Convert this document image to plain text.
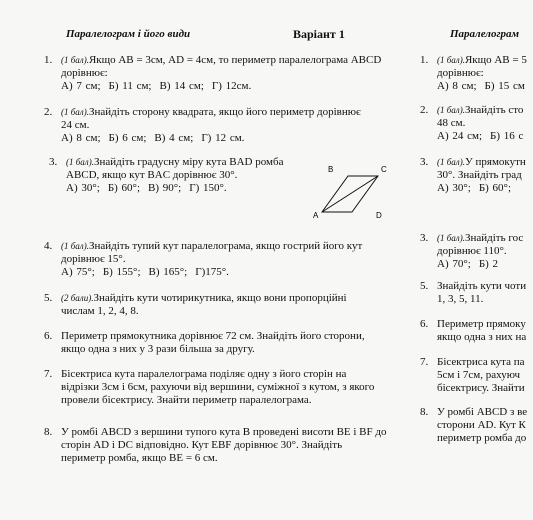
Паралелограм і його види	Варіант 1
1. (1 бал).Якщо AB = 3см, AD = 4см, то периметр паралелограма ABCD
дорівнює:
А) 7 см; Б) 11 см; В) 14 см; Г) 12см.
2. (1 бал).Знайдіть сторону квадрата, якщо його периметр дорівнює
24 см.
А) 8 см; Б) 6 см; В) 4 см; Г) 12 см.
3. (1 бал).Знайдіть градусну міру кута BAD ромба
ABCD, якщо кут BAC дорівнює 30°.
А) 30°; Б) 60°; В) 90°; Г) 150°.
4. (1 бал).Знайдіть тупий кут паралелограма, якщо гострий його кут
дорівнює 15°.
А) 75°; Б) 155°; В) 165°; Г)175°.
5. (2 бали).Знайдіть кути чотирикутника, якщо вони пропорційні
числам 1, 2, 4, 8.
6. Периметр прямокутника дорівнює 72 см. Знайдіть його сторони,
якщо одна з них у 3 рази більша за другу.
7. Бісектриса кута паралелограма поділяє одну з його сторін на
відрізки 3см і 6см, рахуючи від вершини, суміжної з кутом, з якого
провели бісектрису. Знайти периметр паралелограма.
8. У ромбі ABCD з вершини тупого кута B проведені висоти BE і BF до
сторін AD і DC відповідно. Кут EBF дорівнює 30°. Знайдіть
периметр ромба, якщо BE = 6 см.
A
B	C
D
Паралелограм
1. (1 бал).Якщо AB = 5
дорівнює:
А) 8 см; Б) 15 см
2. (1 бал).Знайдіть сто
48 см.
А) 24 см; Б) 16 с
3. (1 бал).У прямокутн
30°. Знайдіть град
А) 30°; Б) 60°;
3. (1 бал).Знайдіть гос
дорівнює 110°.
А) 70°; Б) 2
5. Знайдіть кути чоти
1, 3, 5, 11.
6. Периметр прямоку
якщо одна з них на
7. Бісектриса кута па
5см і 7см, рахуюч
бісектрису. Знайти
8. У ромбі ABCD з ве
сторони AD. Кут К
периметр ромба до
